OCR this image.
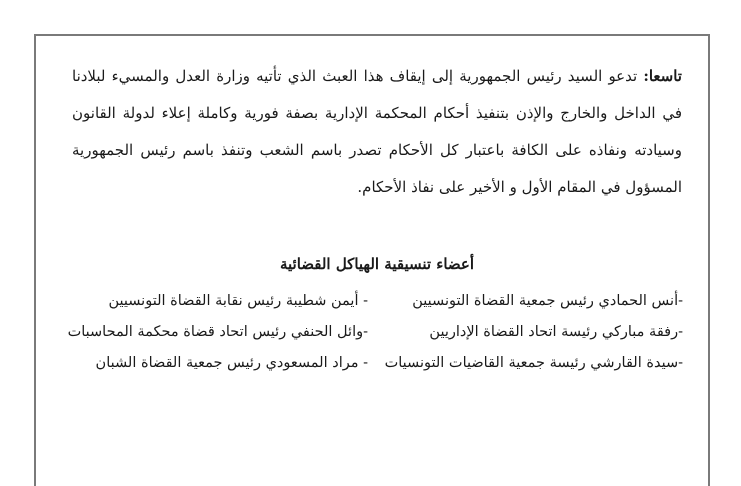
تاسعا: تدعو السيد رئيس الجمهورية إلى إيقاف هذا العبث الذي تأتيه وزارة العدل والمسيء لبلادنا في الداخل والخارج والإذن بتنفيذ أحكام المحكمة الإدارية بصفة فورية وكاملة إعلاء لدولة القانون وسيادته ونفاذه على الكافة باعتبار كل الأحكام تصدر باسم الشعب وتنفذ باسم رئيس الجمهورية المسؤول في المقام الأول و الأخير على نفاذ الأحكام.

أعضاء تنسيقية الهياكل القضائية
-أنس الحمادي رئيس جمعية القضاة التونسيين
-رفقة مباركي رئيسة اتحاد القضاة الإداريين
-سيدة القارشي رئيسة جمعية القاضيات التونسيات
- أيمن شطيبة رئيس نقابة القضاة التونسيين
-وائل الحنفي رئيس اتحاد قضاة محكمة المحاسبات
- مراد المسعودي رئيس جمعية القضاة الشبان
